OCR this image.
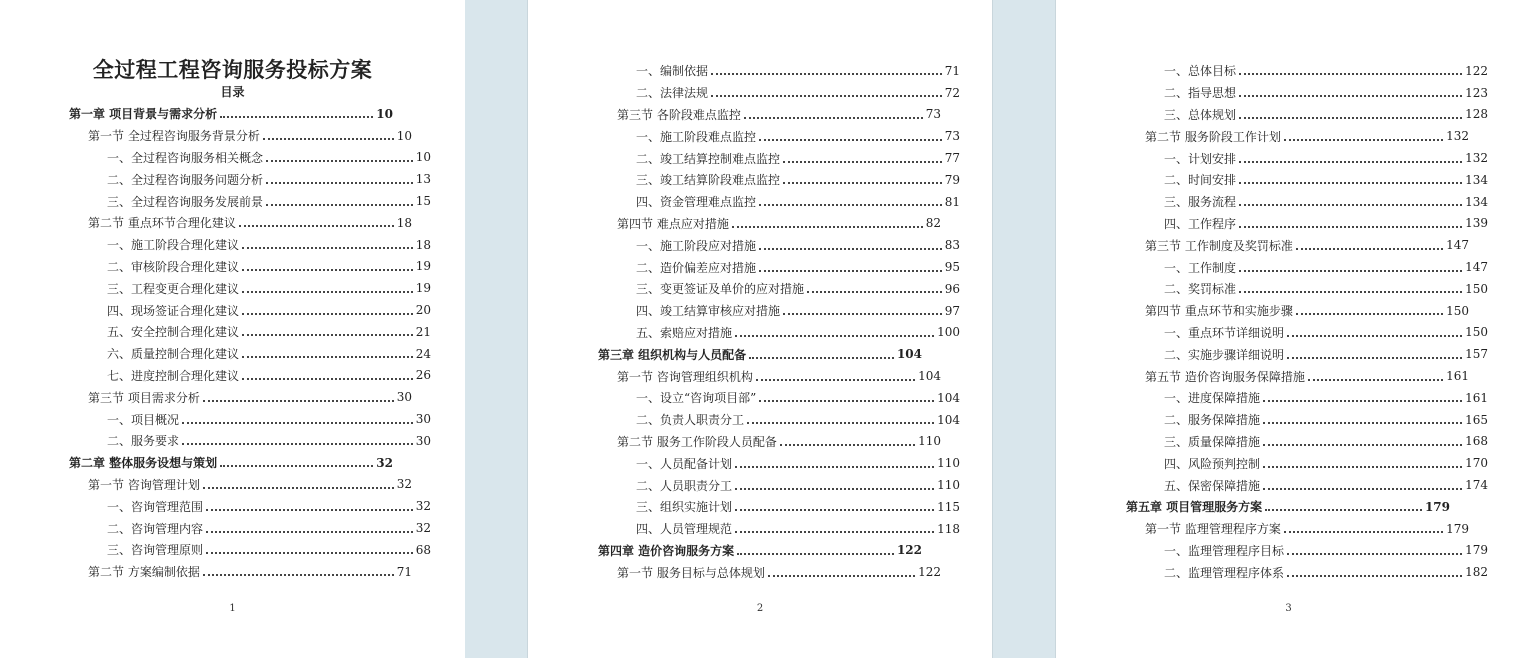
全过程工程咨询服务投标方案
目录
第一章 项目背景与需求分析	10
第一节 全过程咨询服务背景分析	10
一、全过程咨询服务相关概念	10
二、全过程咨询服务问题分析	13
三、全过程咨询服务发展前景	15
第二节 重点环节合理化建议	18
一、施工阶段合理化建议	18
二、审核阶段合理化建议	19
三、工程变更合理化建议	19
四、现场签证合理化建议	20
五、安全控制合理化建议	21
六、质量控制合理化建议	24
七、进度控制合理化建议	26
第三节 项目需求分析	30
一、项目概况	30
二、服务要求	30
第二章 整体服务设想与策划	32
第一节 咨询管理计划	32
一、咨询管理范围	32
二、咨询管理内容	32
三、咨询管理原则	68
第二节 方案编制依据	71
1
一、编制依据	71
二、法律法规	72
第三节 各阶段难点监控	73
一、施工阶段难点监控	73
二、竣工结算控制难点监控	77
三、竣工结算阶段难点监控	79
四、资金管理难点监控	81
第四节 难点应对措施	82
一、施工阶段应对措施	83
二、造价偏差应对措施	95
三、变更签证及单价的应对措施	96
四、竣工结算审核应对措施	97
五、索赔应对措施	100
第三章 组织机构与人员配备	104
第一节 咨询管理组织机构	104
一、设立“咨询项目部”	104
二、负责人职责分工	104
第二节 服务工作阶段人员配备	110
一、人员配备计划	110
二、人员职责分工	110
三、组织实施计划	115
四、人员管理规范	118
第四章 造价咨询服务方案	122
第一节 服务目标与总体规划	122
2
一、总体目标	122
二、指导思想	123
三、总体规划	128
第二节 服务阶段工作计划	132
一、计划安排	132
二、时间安排	134
三、服务流程	134
四、工作程序	139
第三节 工作制度及奖罚标准	147
一、工作制度	147
二、奖罚标准	150
第四节 重点环节和实施步骤	150
一、重点环节详细说明	150
二、实施步骤详细说明	157
第五节 造价咨询服务保障措施	161
一、进度保障措施	161
二、服务保障措施	165
三、质量保障措施	168
四、风险预判控制	170
五、保密保障措施	174
第五章 项目管理服务方案	179
第一节 监理管理程序方案	179
一、监理管理程序目标	179
二、监理管理程序体系	182
3
